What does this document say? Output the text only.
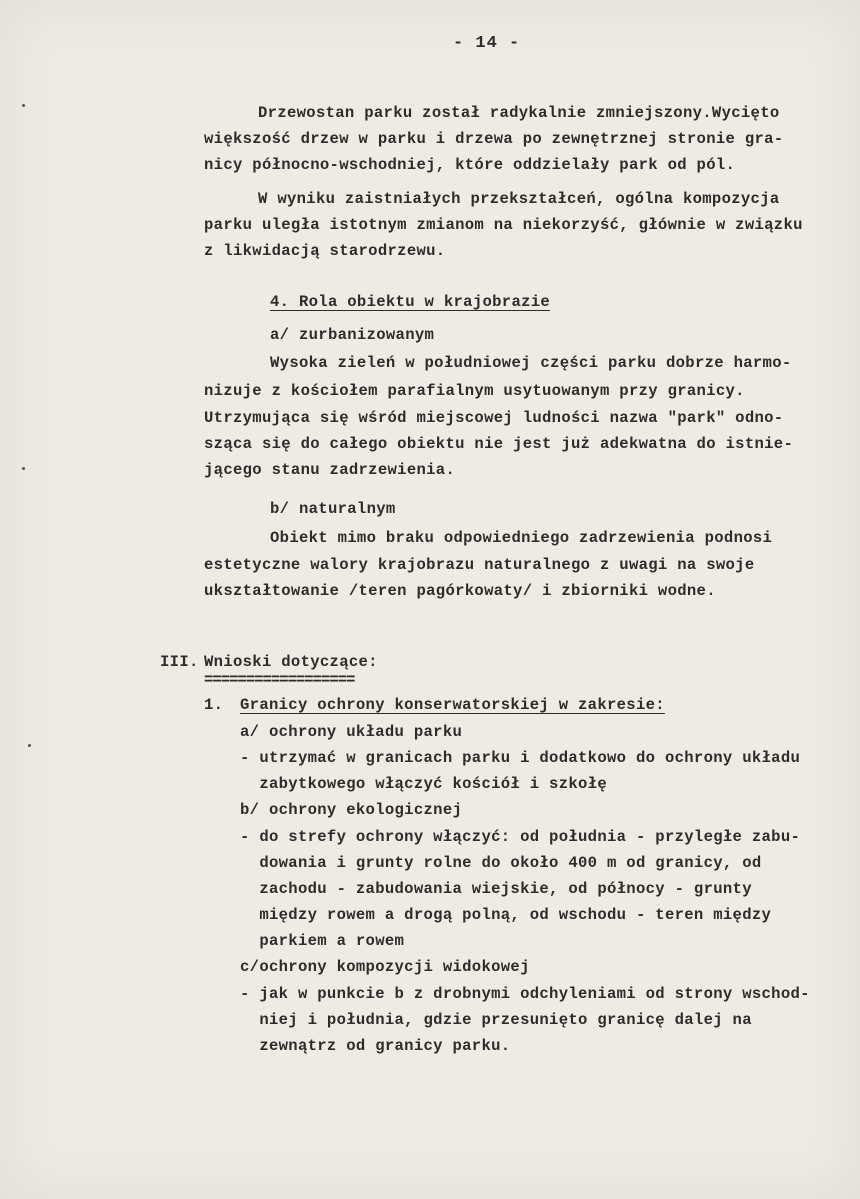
- 14 -
Drzewostan parku został radykalnie zmniejszony.Wycięto
większość drzew w parku i drzewa po zewnętrznej stronie gra-
nicy północno-wschodniej, które oddzielały park od pól.
W wyniku zaistniałych przekształceń, ogólna kompozycja
parku uległa istotnym zmianom na niekorzyść, głównie w związku
z likwidacją starodrzewu.
4. Rola obiektu w krajobrazie
a/ zurbanizowanym
Wysoka zieleń w południowej części parku dobrze harmo-
nizuje z kościołem parafialnym usytuowanym przy granicy.
Utrzymująca się wśród miejscowej ludności nazwa "park" odno-
sząca się do całego obiektu nie jest już adekwatna do istnie-
jącego stanu zadrzewienia.
b/ naturalnym
Obiekt mimo braku odpowiedniego zadrzewienia podnosi
estetyczne walory krajobrazu naturalnego z uwagi na swoje
ukształtowanie /teren pagórkowaty/ i zbiorniki wodne.
III. Wnioski dotyczące:
==================
1. Granicy ochrony konserwatorskiej w zakresie:
a/ ochrony układu parku
- utrzymać w granicach parku i dodatkowo do ochrony układu
zabytkowego włączyć kościół i szkołę
b/ ochrony ekologicznej
- do strefy ochrony włączyć: od południa - przyległe zabu-
dowania i grunty rolne do około 400 m od granicy, od
zachodu - zabudowania wiejskie, od północy - grunty
między rowem a drogą polną, od wschodu - teren między
parkiem a rowem
c/ochrony kompozycji widokowej
- jak w punkcie b z drobnymi odchyleniami od strony wschod-
niej i południa, gdzie przesunięto granicę dalej na
zewnątrz od granicy parku.
